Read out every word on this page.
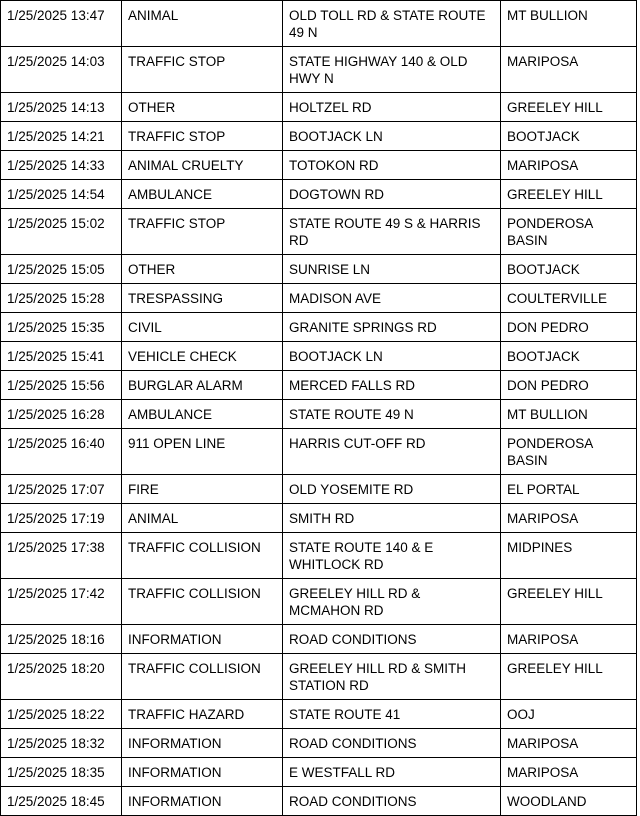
1/25/2025 13:47	ANIMAL	OLD TOLL RD & STATE ROUTE 49 N	MT BULLION
1/25/2025 14:03	TRAFFIC STOP	STATE HIGHWAY 140 & OLD HWY N	MARIPOSA
1/25/2025 14:13	OTHER	HOLTZEL RD	GREELEY HILL
1/25/2025 14:21	TRAFFIC STOP	BOOTJACK LN	BOOTJACK
1/25/2025 14:33	ANIMAL CRUELTY	TOTOKON RD	MARIPOSA
1/25/2025 14:54	AMBULANCE	DOGTOWN RD	GREELEY HILL
1/25/2025 15:02	TRAFFIC STOP	STATE ROUTE 49 S & HARRIS RD	PONDEROSA BASIN
1/25/2025 15:05	OTHER	SUNRISE LN	BOOTJACK
1/25/2025 15:28	TRESPASSING	MADISON AVE	COULTERVILLE
1/25/2025 15:35	CIVIL	GRANITE SPRINGS RD	DON PEDRO
1/25/2025 15:41	VEHICLE CHECK	BOOTJACK LN	BOOTJACK
1/25/2025 15:56	BURGLAR ALARM	MERCED FALLS RD	DON PEDRO
1/25/2025 16:28	AMBULANCE	STATE ROUTE 49 N	MT BULLION
1/25/2025 16:40	911 OPEN LINE	HARRIS CUT-OFF RD	PONDEROSA BASIN
1/25/2025 17:07	FIRE	OLD YOSEMITE RD	EL PORTAL
1/25/2025 17:19	ANIMAL	SMITH RD	MARIPOSA
1/25/2025 17:38	TRAFFIC COLLISION	STATE ROUTE 140 & E WHITLOCK RD	MIDPINES
1/25/2025 17:42	TRAFFIC COLLISION	GREELEY HILL RD & MCMAHON RD	GREELEY HILL
1/25/2025 18:16	INFORMATION	ROAD CONDITIONS	MARIPOSA
1/25/2025 18:20	TRAFFIC COLLISION	GREELEY HILL RD & SMITH STATION RD	GREELEY HILL
1/25/2025 18:22	TRAFFIC HAZARD	STATE ROUTE 41	OOJ
1/25/2025 18:32	INFORMATION	ROAD CONDITIONS	MARIPOSA
1/25/2025 18:35	INFORMATION	E WESTFALL RD	MARIPOSA
1/25/2025 18:45	INFORMATION	ROAD CONDITIONS	WOODLAND
